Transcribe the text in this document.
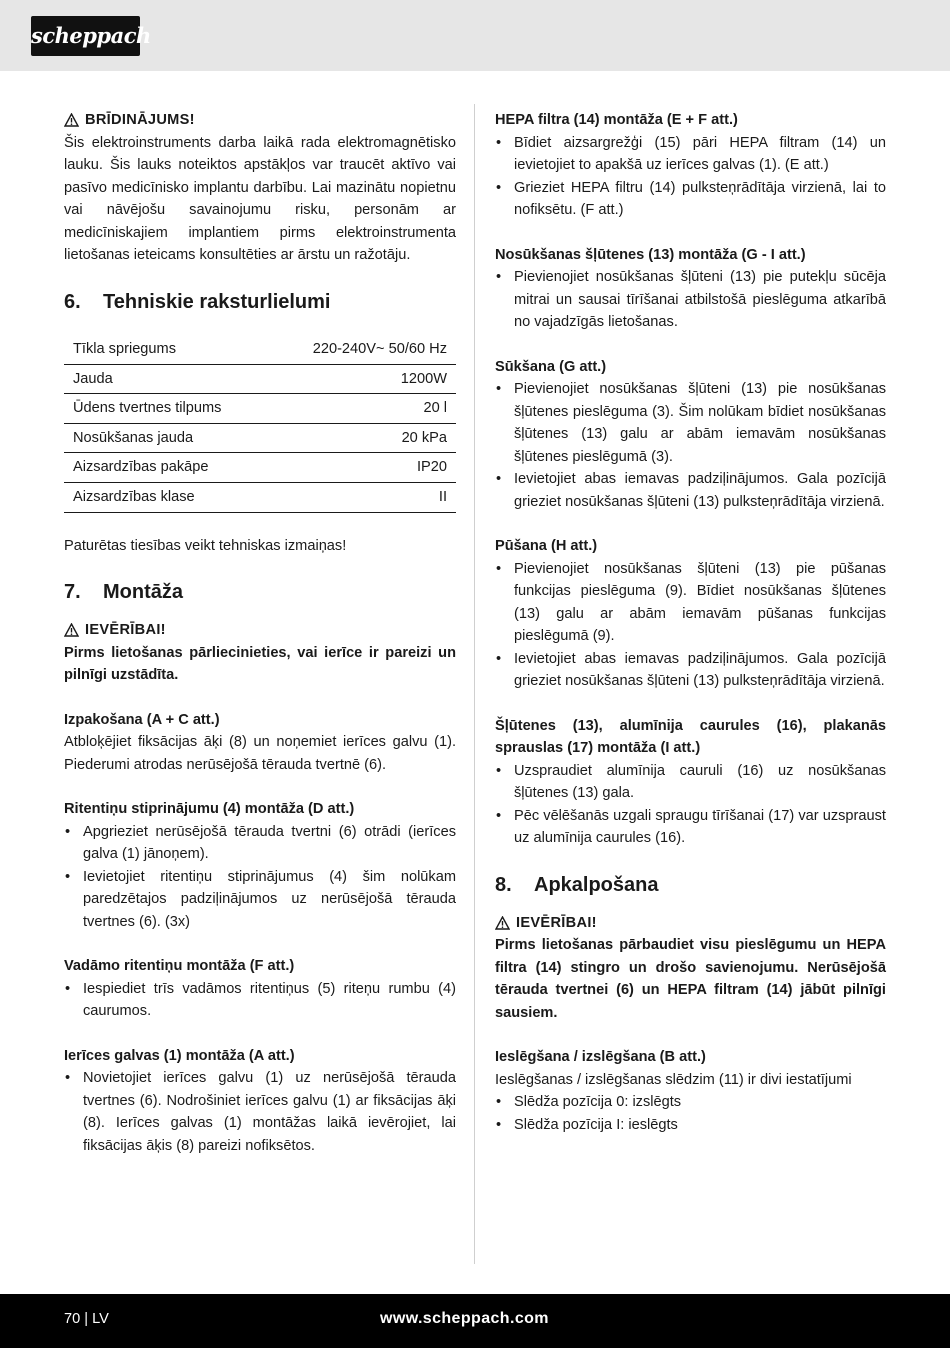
scheppach
BRĪDINĀJUMS!

Šis elektroinstruments darba laikā rada elektromagnētisko lauku. Šis lauks noteiktos apstākļos var traucēt aktīvo vai pasīvo medicīnisko implantu darbību. Lai mazinātu nopietnu vai nāvējošu savainojumu risku, personām ar medicīniskajiem implantiem pirms elektroinstrumenta lietošanas ieteicams konsultēties ar ārstu un ražotāju.

6.	Tehniskie raksturlielumi
Tīkla spriegums	220-240V~ 50/60 Hz
Jauda	1200W
Ūdens tvertnes tilpums	20 l
Nosūkšanas jauda	20 kPa
Aizsardzības pakāpe	IP20
Aizsardzības klase	II

Paturētas tiesības veikt tehniskas izmaiņas!

7.	Montāža
IEVĒRĪBAI!

Pirms lietošanas pārliecinieties, vai ierīce ir pareizi un pilnīgi uzstādīta.

Izpakošana (A + C att.)

Atbloķējiet fiksācijas āķi (8) un noņemiet ierīces galvu (1). Piederumi atrodas nerūsējošā tērauda tvertnē (6).

Ritentiņu stiprinājumu (4) montāža (D att.)

• Apgrieziet nerūsējošā tērauda tvertni (6) otrādi (ierīces galva (1) jānoņem).
• Ievietojiet ritentiņu stiprinājumus (4) šim nolūkam paredzētajos padziļinājumos uz nerūsējošā tērauda tvertnes (6). (3x)

Vadāmo ritentiņu montāža (F att.)

• Iespiediet trīs vadāmos ritentiņus (5) riteņu rumbu (4) caurumos.

Ierīces galvas (1) montāža (A att.)

• Novietojiet ierīces galvu (1) uz nerūsējošā tērauda tvertnes (6). Nodrošiniet ierīces galvu (1) ar fiksācijas āķi (8). Ierīces galvas (1) montāžas laikā ievērojiet, lai fiksācijas āķis (8) pareizi nofiksētos.

HEPA filtra (14) montāža (E + F att.)

• Bīdiet aizsargrežģi (15) pāri HEPA filtram (14) un ievietojiet to apakšā uz ierīces galvas (1). (E att.)
• Grieziet HEPA filtru (14) pulksteņrādītāja virzienā, lai to nofiksētu. (F att.)

Nosūkšanas šļūtenes (13) montāža (G - I att.)

• Pievienojiet nosūkšanas šļūteni (13) pie putekļu sūcēja mitrai un sausai tīrīšanai atbilstošā pieslēguma atkarībā no vajadzīgās lietošanas.

Sūkšana (G att.)

• Pievienojiet nosūkšanas šļūteni (13) pie nosūkšanas šļūtenes pieslēguma (3). Šim nolūkam bīdiet nosūkšanas šļūtenes (13) galu ar abām iemavām nosūkšanas šļūtenes pieslēgumā (3).
• Ievietojiet abas iemavas padziļinājumos. Gala pozīcijā grieziet nosūkšanas šļūteni (13) pulksteņrādītāja virzienā.

Pūšana (H att.)

• Pievienojiet nosūkšanas šļūteni (13) pie pūšanas funkcijas pieslēguma (9). Bīdiet nosūkšanas šļūtenes (13) galu ar abām iemavām pūšanas funkcijas pieslēgumā (9).
• Ievietojiet abas iemavas padziļinājumos. Gala pozīcijā grieziet nosūkšanas šļūteni (13) pulksteņrādītāja virzienā.

Šļūtenes (13), alumīnija caurules (16), plakanās sprauslas (17) montāža (I att.)

• Uzspraudiet alumīnija cauruli (16) uz nosūkšanas šļūtenes (13) gala.
• Pēc vēlēšanās uzgali spraugu tīrīšanai (17) var uzspraust uz alumīnija caurules (16).
8.	Apkalpošana
IEVĒRĪBAI!

Pirms lietošanas pārbaudiet visu pieslēgumu un HEPA filtra (14) stingro un drošo savienojumu. Nerūsējošā tērauda tvertnei (6) un HEPA filtram (14) jābūt pilnīgi sausiem.

Ieslēgšana / izslēgšana (B att.)

Ieslēgšanas / izslēgšanas slēdzim (11) ir divi iestatījumi

• Slēdža pozīcija 0: izslēgts
• Slēdža pozīcija I: ieslēgts
70 | LV	www.scheppach.com
